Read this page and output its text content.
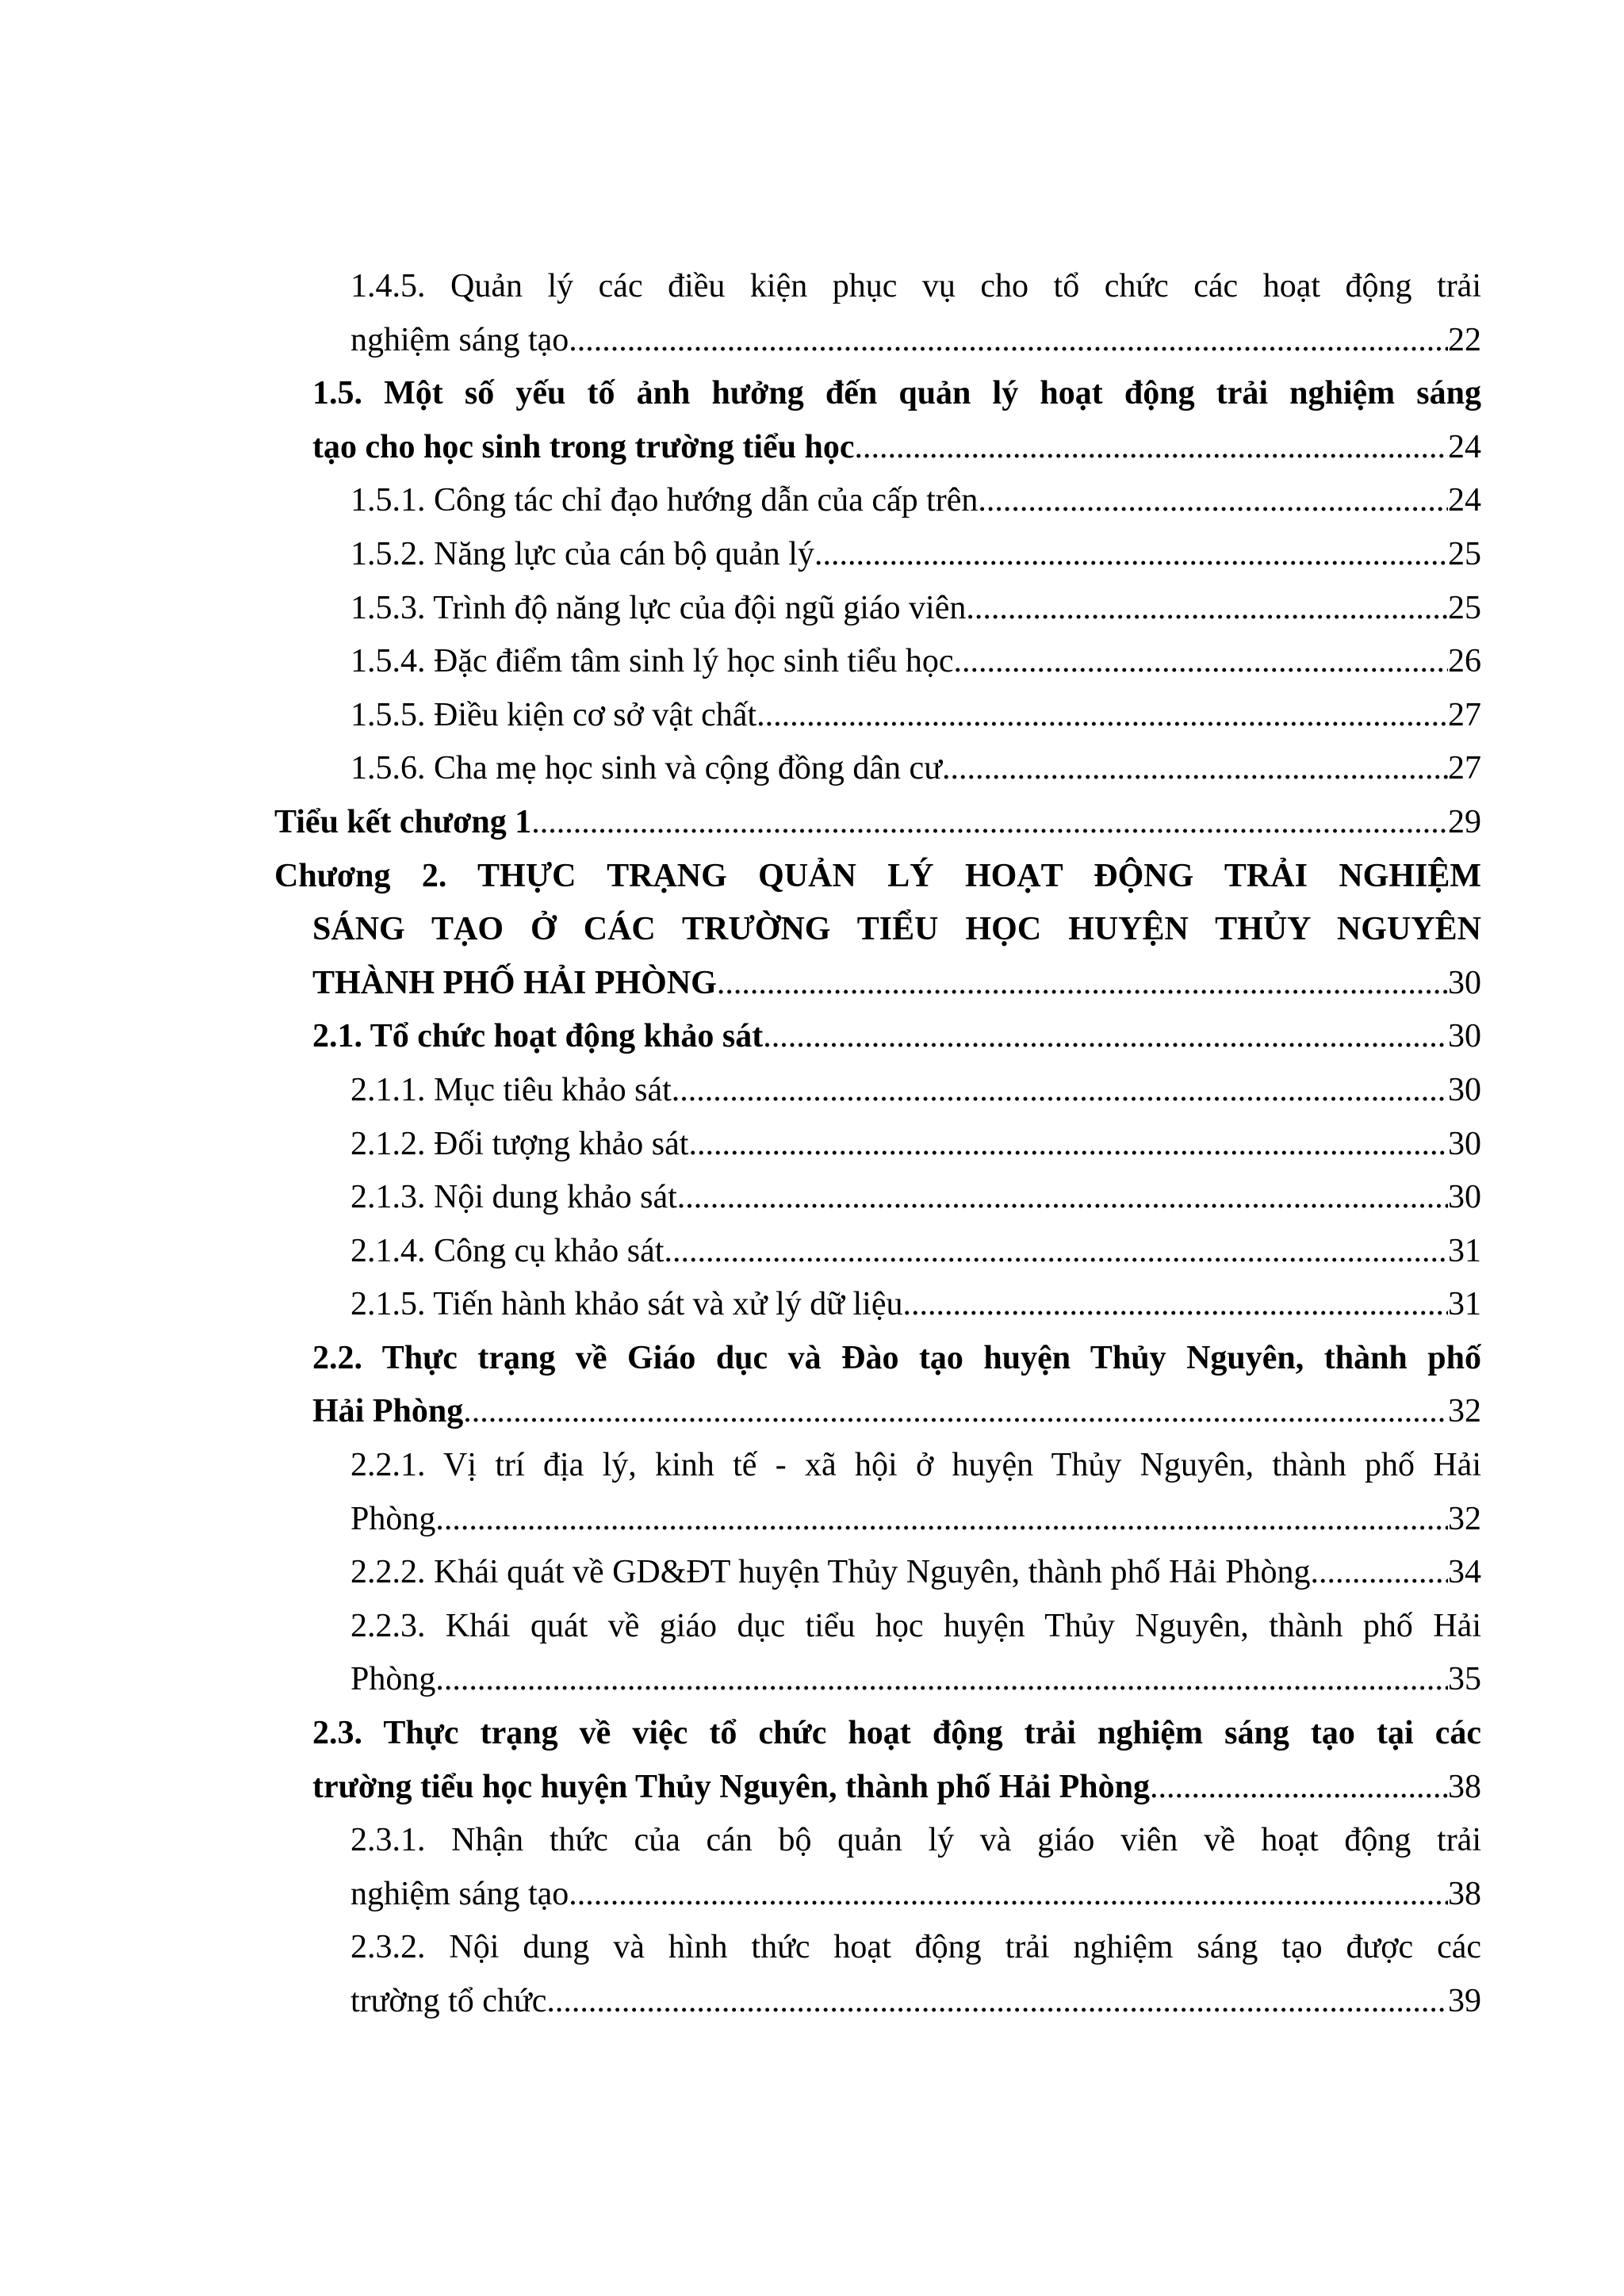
1.4.5. Quản lý các điều kiện phục vụ cho tổ chức các hoạt động trải
nghiệm sáng tạo .....	22
1.5. Một số yếu tố ảnh hưởng đến quản lý hoạt động trải nghiệm sáng
tạo cho học sinh trong trường tiểu học .....	24
1.5.1. Công tác chỉ đạo hướng dẫn của cấp trên .....	24
1.5.2. Năng lực của cán bộ quản lý .....	25
1.5.3. Trình độ năng lực của đội ngũ giáo viên .....	25
1.5.4. Đặc điểm tâm sinh lý học sinh tiểu học .....	26
1.5.5. Điều kiện cơ sở vật chất .....	27
1.5.6. Cha mẹ học sinh và cộng đồng dân cư .....	27
Tiểu kết chương 1 .....	29
Chương 2. THỰC TRẠNG QUẢN LÝ HOẠT ĐỘNG TRẢI NGHIỆM
SÁNG TẠO Ở CÁC TRƯỜNG TIỂU HỌC HUYỆN THỦY NGUYÊN
THÀNH PHỐ HẢI PHÒNG .....	30
2.1. Tổ chức hoạt động khảo sát .....	30
2.1.1. Mục tiêu khảo sát .....	30
2.1.2. Đối tượng khảo sát .....	30
2.1.3. Nội dung khảo sát .....	30
2.1.4. Công cụ khảo sát .....	31
2.1.5. Tiến hành khảo sát và xử lý dữ liệu .....	31
2.2. Thực trạng về Giáo dục và Đào tạo huyện Thủy Nguyên, thành phố
Hải Phòng .....	32
2.2.1. Vị trí địa lý, kinh tế - xã hội ở huyện Thủy Nguyên, thành phố Hải
Phòng .....	32
2.2.2. Khái quát về GD&ĐT huyện Thủy Nguyên, thành phố Hải Phòng .....	34
2.2.3. Khái quát về giáo dục tiểu học huyện Thủy Nguyên, thành phố Hải
Phòng .....	35
2.3. Thực trạng về việc tổ chức hoạt động trải nghiệm sáng tạo tại các
trường tiểu học huyện Thủy Nguyên, thành phố Hải Phòng .....	38
2.3.1. Nhận thức của cán bộ quản lý và giáo viên về hoạt động trải
nghiệm sáng tạo .....	38
2.3.2. Nội dung và hình thức hoạt động trải nghiệm sáng tạo được các
trường tổ chức .....	39
